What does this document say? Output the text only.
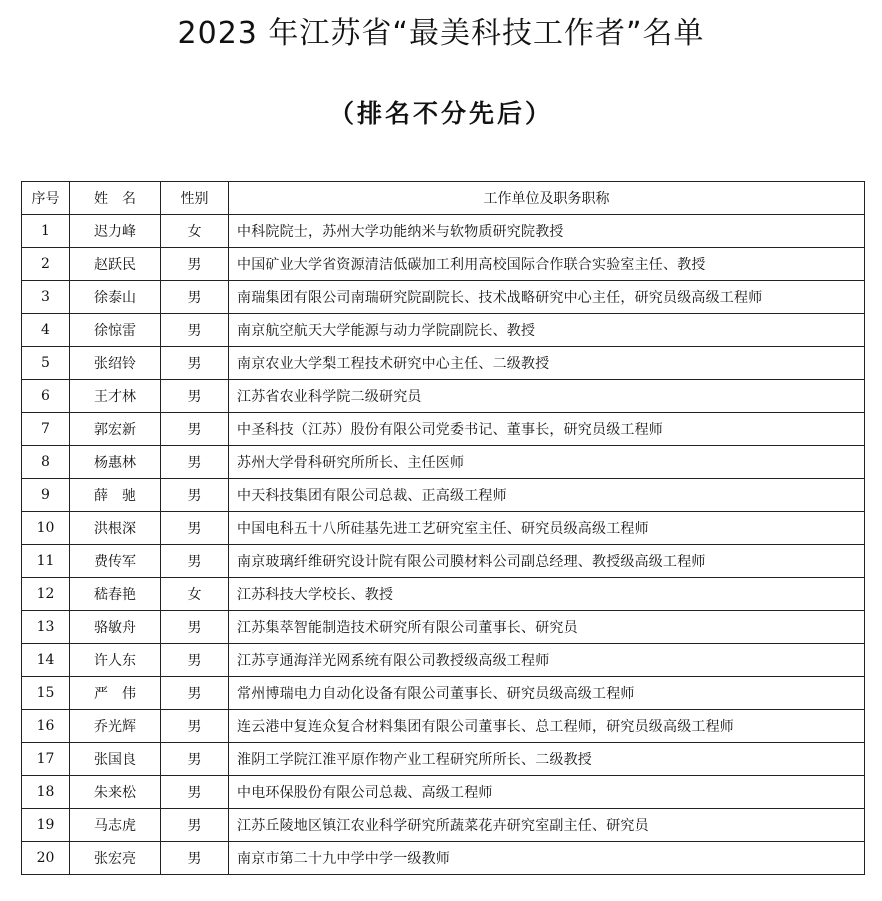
2023 年江苏省“最美科技工作者”名单
（排名不分先后）
序号	姓　名	性别	工作单位及职务职称
1	迟力峰	女	中科院院士，苏州大学功能纳米与软物质研究院教授
2	赵跃民	男	中国矿业大学省资源清洁低碳加工利用高校国际合作联合实验室主任、教授
3	徐泰山	男	南瑞集团有限公司南瑞研究院副院长、技术战略研究中心主任，研究员级高级工程师
4	徐惊雷	男	南京航空航天大学能源与动力学院副院长、教授
5	张绍铃	男	南京农业大学梨工程技术研究中心主任、二级教授
6	王才林	男	江苏省农业科学院二级研究员
7	郭宏新	男	中圣科技（江苏）股份有限公司党委书记、董事长，研究员级工程师
8	杨惠林	男	苏州大学骨科研究所所长、主任医师
9	薛　驰	男	中天科技集团有限公司总裁、正高级工程师
10	洪根深	男	中国电科五十八所硅基先进工艺研究室主任、研究员级高级工程师
11	费传军	男	南京玻璃纤维研究设计院有限公司膜材料公司副总经理、教授级高级工程师
12	嵇春艳	女	江苏科技大学校长、教授
13	骆敏舟	男	江苏集萃智能制造技术研究所有限公司董事长、研究员
14	许人东	男	江苏亨通海洋光网系统有限公司教授级高级工程师
15	严　伟	男	常州博瑞电力自动化设备有限公司董事长、研究员级高级工程师
16	乔光辉	男	连云港中复连众复合材料集团有限公司董事长、总工程师，研究员级高级工程师
17	张国良	男	淮阴工学院江淮平原作物产业工程研究所所长、二级教授
18	朱来松	男	中电环保股份有限公司总裁、高级工程师
19	马志虎	男	江苏丘陵地区镇江农业科学研究所蔬菜花卉研究室副主任、研究员
20	张宏亮	男	南京市第二十九中学中学一级教师
